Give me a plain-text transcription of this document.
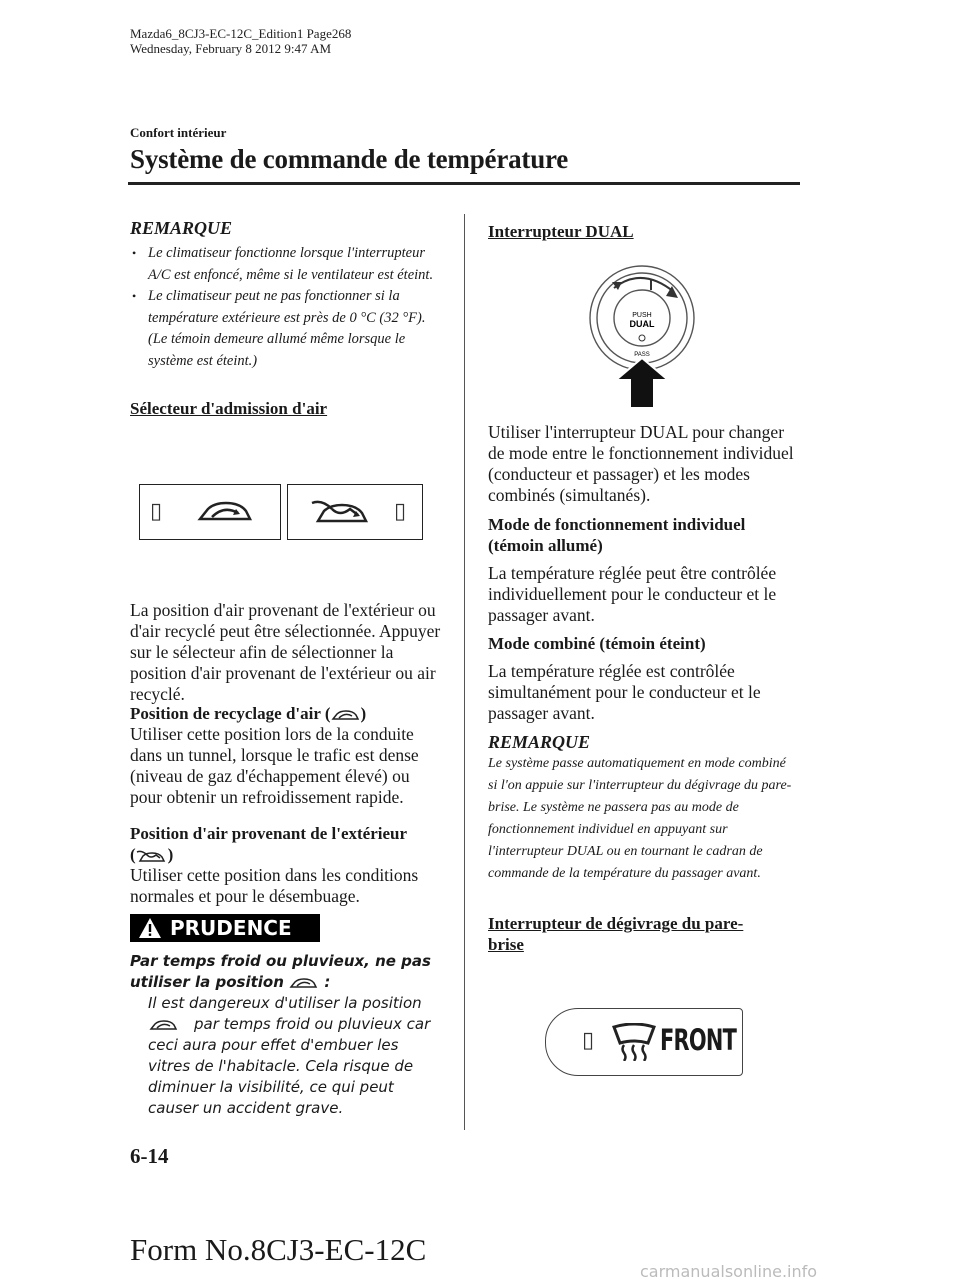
Mazda6_8CJ3-EC-12C_Edition1 Page268
Wednesday, February 8 2012 9:47 AM
Confort intérieur
Système de commande de température

REMARQUE

• Le climatiseur fonctionne lorsque l'interrupteur A/C est enfoncé, même si le ventilateur est éteint.
• Le climatiseur peut ne pas fonctionner si la température extérieure est près de 0 °C (32 °F). (Le témoin demeure allumé même lorsque le système est éteint.)
Sélecteur d'admission d'air
▯	▯
La position d'air provenant de l'extérieur ou d'air recyclé peut être sélectionnée. Appuyer sur le sélecteur afin de sélectionner la position d'air provenant de l'extérieur ou air recyclé.
Position de recyclage d'air ( )
Utiliser cette position lors de la conduite dans un tunnel, lorsque le trafic est dense (niveau de gaz d'échappement élevé) ou pour obtenir un refroidissement rapide.
Position d'air provenant de l'extérieur
( )
Utiliser cette position dans les conditions normales et pour le désembuage.
PRUDENCE
Par temps froid ou pluvieux, ne pas
utiliser la position	:
Il est dangereux d'utiliser la position
par temps froid ou pluvieux car ceci aura pour effet d'embuer les vitres de l'habitacle. Cela risque de diminuer la visibilité, ce qui peut causer un accident grave.
Interrupteur DUAL
PUSH
DUAL
PASS
Utiliser l'interrupteur DUAL pour changer de mode entre le fonctionnement individuel (conducteur et passager) et les modes combinés (simultanés).
Mode de fonctionnement individuel (témoin allumé)
La température réglée peut être contrôlée individuellement pour le conducteur et le passager avant.
Mode combiné (témoin éteint)
La température réglée est contrôlée simultanément pour le conducteur et le passager avant.
REMARQUE
Le système passe automatiquement en mode combiné si l'on appuie sur l'interrupteur du dégivrage du pare-brise. Le système ne passera pas au mode de fonctionnement individuel en appuyant sur l'interrupteur DUAL ou en tournant le cadran de commande de la température du passager avant.
Interrupteur de dégivrage du pare-
brise
▯ FRONT
6-14
Form No.8CJ3-EC-12C
carmanualsonline.info
